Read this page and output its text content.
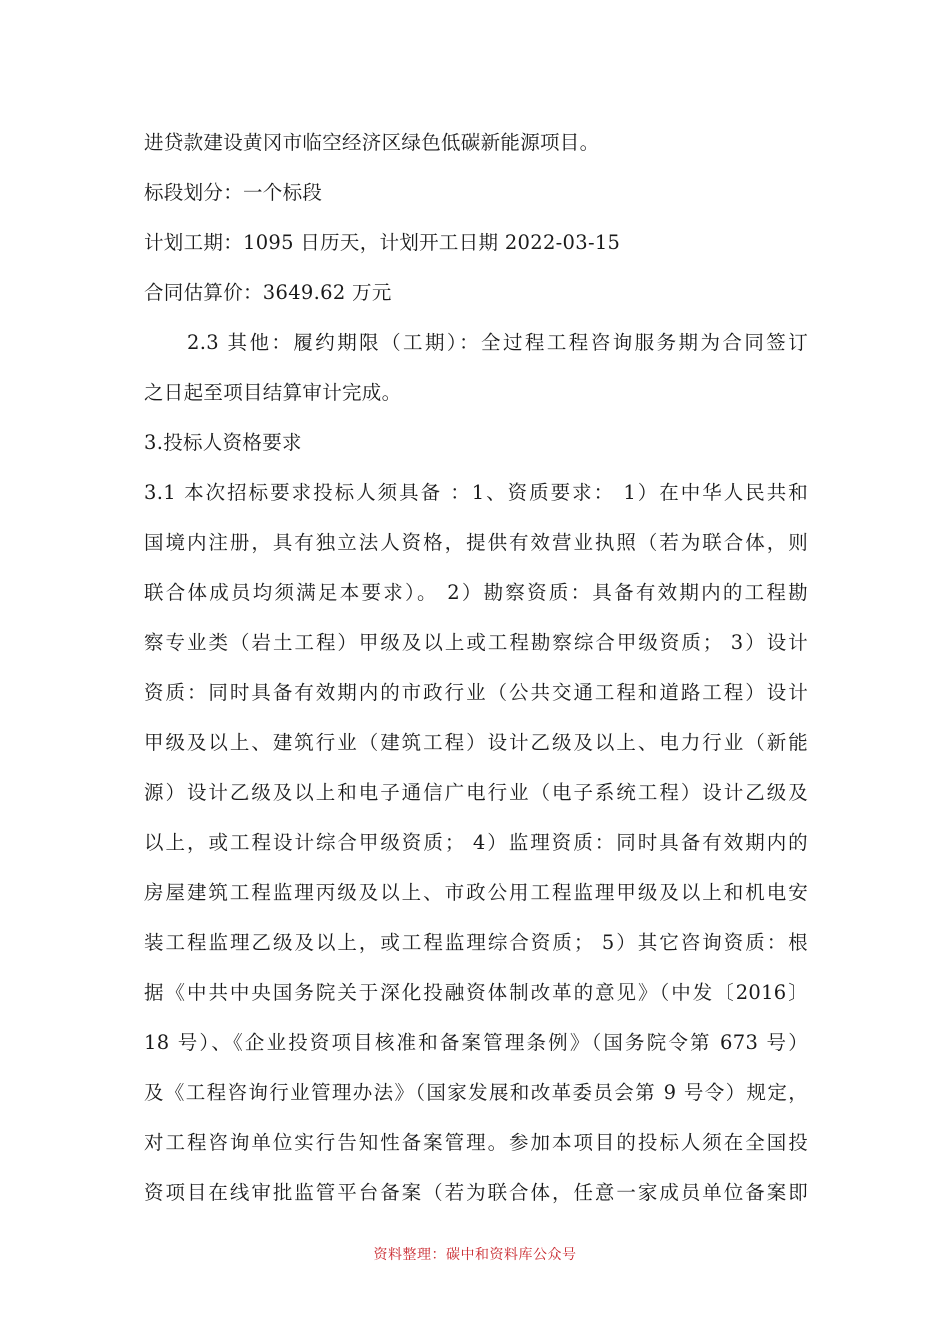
进贷款建设黄冈市临空经济区绿色低碳新能源项目。
标段划分：一个标段
计划工期：1095 日历天，计划开工日期 2022-03-15
合同估算价：3649.62 万元
2.3 其他：履约期限（工期）：全过程工程咨询服务期为合同签订
之日起至项目结算审计完成。
3.投标人资格要求
3.1 本次招标要求投标人须具备 ：1、资质要求： 1）在中华人民共和
国境内注册，具有独立法人资格，提供有效营业执照（若为联合体，则
联合体成员均须满足本要求）。 2）勘察资质：具备有效期内的工程勘
察专业类（岩土工程）甲级及以上或工程勘察综合甲级资质； 3）设计
资质：同时具备有效期内的市政行业（公共交通工程和道路工程）设计
甲级及以上、建筑行业（建筑工程）设计乙级及以上、电力行业（新能
源）设计乙级及以上和电子通信广电行业（电子系统工程）设计乙级及
以上，或工程设计综合甲级资质； 4）监理资质：同时具备有效期内的
房屋建筑工程监理丙级及以上、市政公用工程监理甲级及以上和机电安
装工程监理乙级及以上，或工程监理综合资质； 5）其它咨询资质：根
据《中共中央国务院关于深化投融资体制改革的意见》（中发〔2016〕
18 号）、《企业投资项目核准和备案管理条例》（国务院令第 673 号）
及《工程咨询行业管理办法》（国家发展和改革委员会第 9 号令）规定，
对工程咨询单位实行告知性备案管理。参加本项目的投标人须在全国投
资项目在线审批监管平台备案（若为联合体，任意一家成员单位备案即
资料整理：碳中和资料库公众号
